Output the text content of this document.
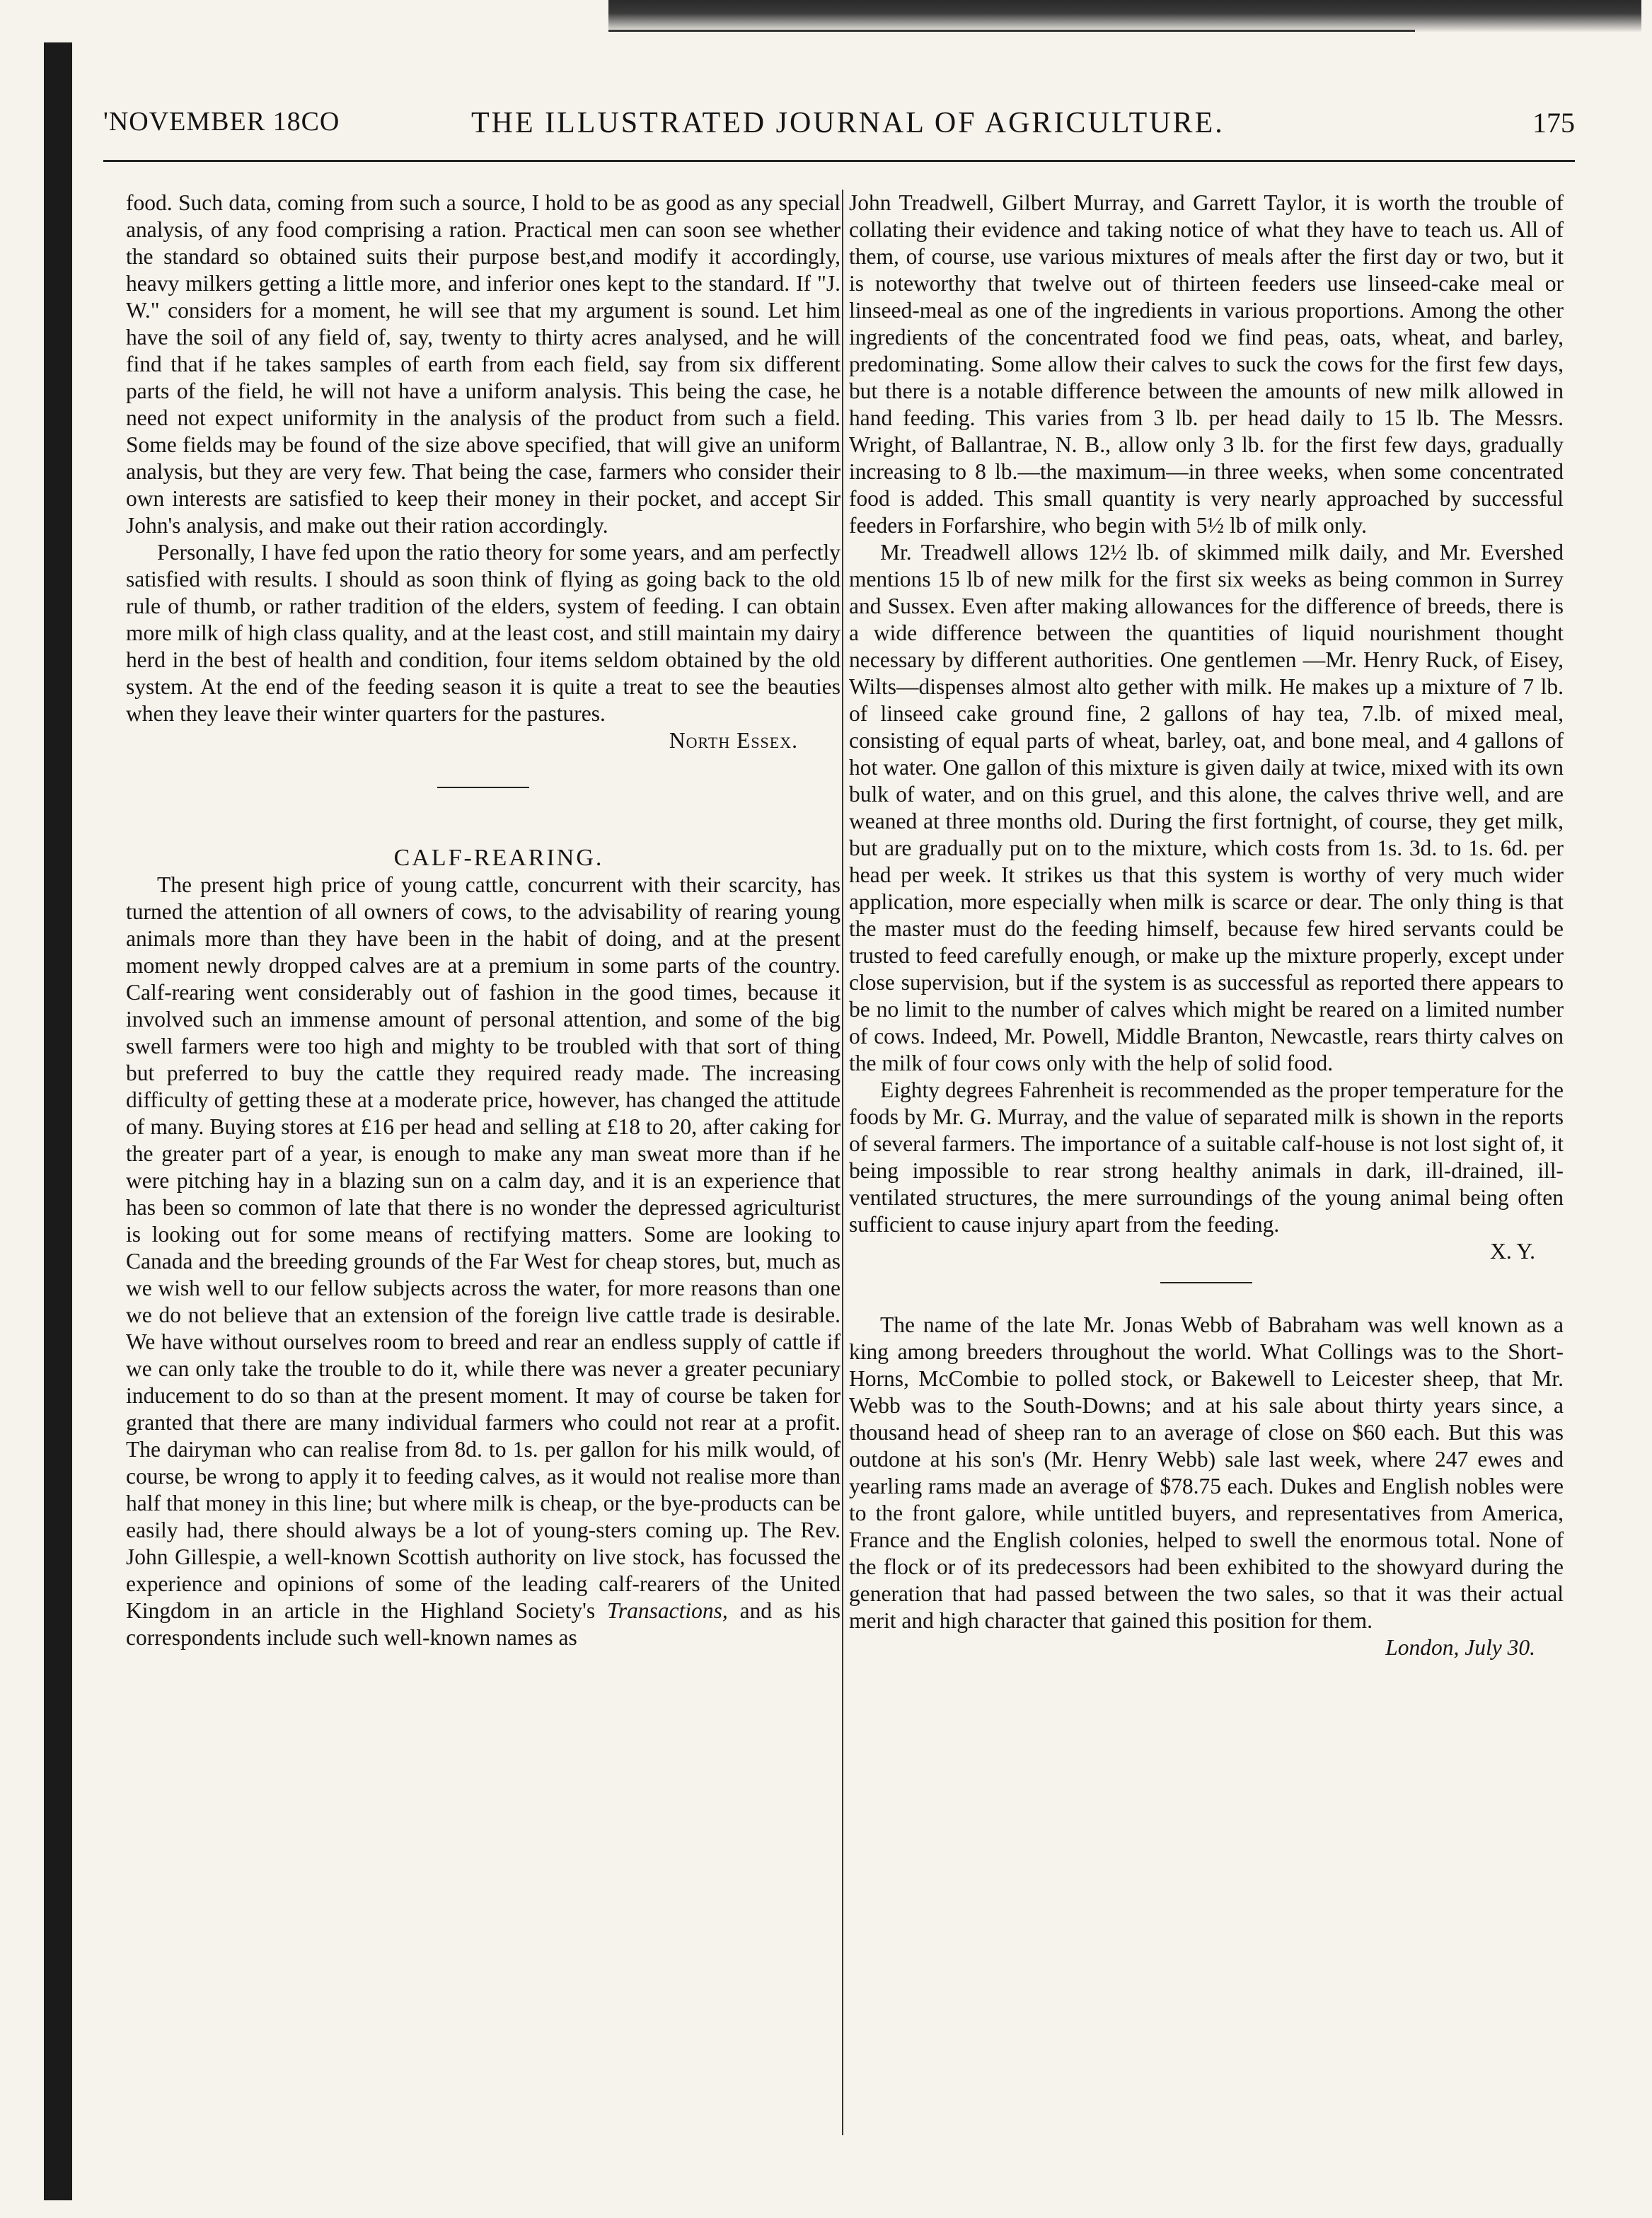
'NOVEMBER 18CO	THE ILLUSTRATED JOURNAL OF AGRICULTURE.	175

food. Such data, coming from such a source, I hold to be as good as any special analysis, of any food comprising a ration. Practical men can soon see whether the standard so obtained suits their purpose best,and modify it accordingly, heavy milkers getting a little more, and inferior ones kept to the standard. If "J. W." considers for a moment, he will see that my argument is sound. Let him have the soil of any field of, say, twenty to thirty acres analysed, and he will find that if he takes samples of earth from each field, say from six different parts of the field, he will not have a uniform analysis. This being the case, he need not expect uniformity in the analysis of the product from such a field. Some fields may be found of the size above specified, that will give an uniform analysis, but they are very few. That being the case, farmers who consider their own interests are satisfied to keep their money in their pocket, and accept Sir John's analysis, and make out their ration accordingly.

Personally, I have fed upon the ratio theory for some years, and am perfectly satisfied with results. I should as soon think of flying as going back to the old rule of thumb, or rather tradition of the elders, system of feeding. I can obtain more milk of high class quality, and at the least cost, and still maintain my dairy herd in the best of health and condition, four items seldom obtained by the old system. At the end of the feeding season it is quite a treat to see the beauties when they leave their winter quarters for the pastures.

North Essex.

CALF-REARING.

The present high price of young cattle, concurrent with their scarcity, has turned the attention of all owners of cows, to the advisability of rearing young animals more than they have been in the habit of doing, and at the present moment newly dropped calves are at a premium in some parts of the country. Calf-rearing went considerably out of fashion in the good times, because it involved such an immense amount of personal attention, and some of the big swell farmers were too high and mighty to be troubled with that sort of thing but preferred to buy the cattle they required ready made. The increasing difficulty of getting these at a moderate price, however, has changed the attitude of many. Buying stores at £16 per head and selling at £18 to 20, after caking for the greater part of a year, is enough to make any man sweat more than if he were pitching hay in a blazing sun on a calm day, and it is an experience that has been so common of late that there is no wonder the depressed agriculturist is looking out for some means of rectifying matters. Some are looking to Canada and the breeding grounds of the Far West for cheap stores, but, much as we wish well to our fellow subjects across the water, for more reasons than one we do not believe that an extension of the foreign live cattle trade is desirable. We have without ourselves room to breed and rear an endless supply of cattle if we can only take the trouble to do it, while there was never a greater pecuniary inducement to do so than at the present moment. It may of course be taken for granted that there are many individual farmers who could not rear at a profit. The dairyman who can realise from 8d. to 1s. per gallon for his milk would, of course, be wrong to apply it to feeding calves, as it would not realise more than half that money in this line; but where milk is cheap, or the bye-products can be easily had, there should always be a lot of young-sters coming up. The Rev. John Gillespie, a well-known Scottish authority on live stock, has focussed the experience and opinions of some of the leading calf-rearers of the United Kingdom in an article in the Highland Society's Transactions, and as his correspondents include such well-known names as

John Treadwell, Gilbert Murray, and Garrett Taylor, it is worth the trouble of collating their evidence and taking notice of what they have to teach us. All of them, of course, use various mixtures of meals after the first day or two, but it is noteworthy that twelve out of thirteen feeders use linseed-cake meal or linseed-meal as one of the ingredients in various proportions. Among the other ingredients of the concentrated food we find peas, oats, wheat, and barley, predominating. Some allow their calves to suck the cows for the first few days, but there is a notable difference between the amounts of new milk allowed in hand feeding. This varies from 3 lb. per head daily to 15 lb. The Messrs. Wright, of Ballantrae, N. B., allow only 3 lb. for the first few days, gradually increasing to 8 lb.—the maximum—in three weeks, when some concentrated food is added. This small quantity is very nearly approached by successful feeders in Forfarshire, who begin with 5½ lb of milk only.

Mr. Treadwell allows 12½ lb. of skimmed milk daily, and Mr. Evershed mentions 15 lb of new milk for the first six weeks as being common in Surrey and Sussex. Even after making allowances for the difference of breeds, there is a wide difference between the quantities of liquid nourishment thought necessary by different authorities. One gentlemen —Mr. Henry Ruck, of Eisey, Wilts—dispenses almost alto gether with milk. He makes up a mixture of 7 lb. of linseed cake ground fine, 2 gallons of hay tea, 7.lb. of mixed meal, consisting of equal parts of wheat, barley, oat, and bone meal, and 4 gallons of hot water. One gallon of this mixture is given daily at twice, mixed with its own bulk of water, and on this gruel, and this alone, the calves thrive well, and are weaned at three months old. During the first fortnight, of course, they get milk, but are gradually put on to the mixture, which costs from 1s. 3d. to 1s. 6d. per head per week. It strikes us that this system is worthy of very much wider application, more especially when milk is scarce or dear. The only thing is that the master must do the feeding himself, because few hired servants could be trusted to feed carefully enough, or make up the mixture properly, except under close supervision, but if the system is as successful as reported there appears to be no limit to the number of calves which might be reared on a limited number of cows. Indeed, Mr. Powell, Middle Branton, Newcastle, rears thirty calves on the milk of four cows only with the help of solid food.

Eighty degrees Fahrenheit is recommended as the proper temperature for the foods by Mr. G. Murray, and the value of separated milk is shown in the reports of several farmers. The importance of a suitable calf-house is not lost sight of, it being impossible to rear strong healthy animals in dark, ill-drained, ill-ventilated structures, the mere surroundings of the young animal being often sufficient to cause injury apart from the feeding.

X. Y.

The name of the late Mr. Jonas Webb of Babraham was well known as a king among breeders throughout the world. What Collings was to the Short-Horns, McCombie to polled stock, or Bakewell to Leicester sheep, that Mr. Webb was to the South-Downs; and at his sale about thirty years since, a thousand head of sheep ran to an average of close on $60 each. But this was outdone at his son's (Mr. Henry Webb) sale last week, where 247 ewes and yearling rams made an average of $78.75 each. Dukes and English nobles were to the front galore, while untitled buyers, and representatives from America, France and the English colonies, helped to swell the enormous total. None of the flock or of its predecessors had been exhibited to the showyard during the generation that had passed between the two sales, so that it was their actual merit and high character that gained this position for them.

London, July 30.
